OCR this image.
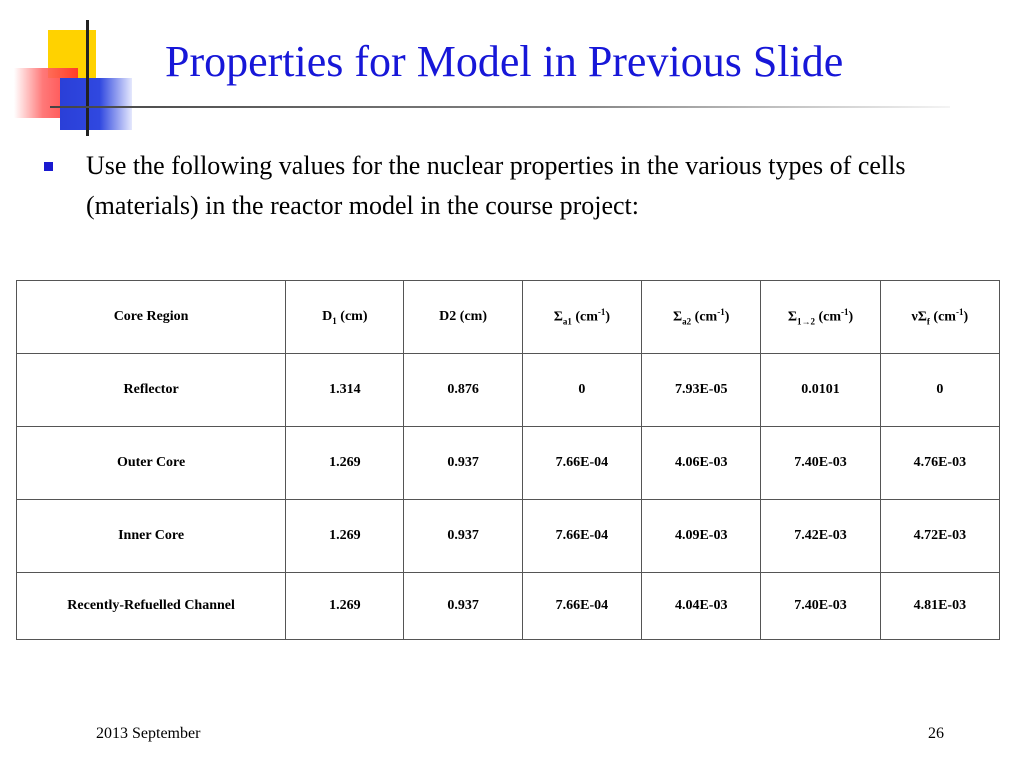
Properties for Model in Previous Slide
Use the following values for the nuclear properties in the various types of cells (materials) in the reactor model in the course project:
Core Region	$D_1$ (cm)	D2 (cm)	$\Sigma_{a1}$ $(cm^{-1})$	$\Sigma_{a2}$ $(cm^{-1})$	$\Sigma_{1\to 2}$ $(cm^{-1})$	$\nu\Sigma_f$ $(cm^{-1})$
Reflector	1.314	0.876	0	7.93E-05	0.0101	0
Outer Core	1.269	0.937	7.66E-04	4.06E-03	7.40E-03	4.76E-03
Inner Core	1.269	0.937	7.66E-04	4.09E-03	7.42E-03	4.72E-03
Recently-Refuelled Channel	1.269	0.937	7.66E-04	4.04E-03	7.40E-03	4.81E-03
2013 September	26
